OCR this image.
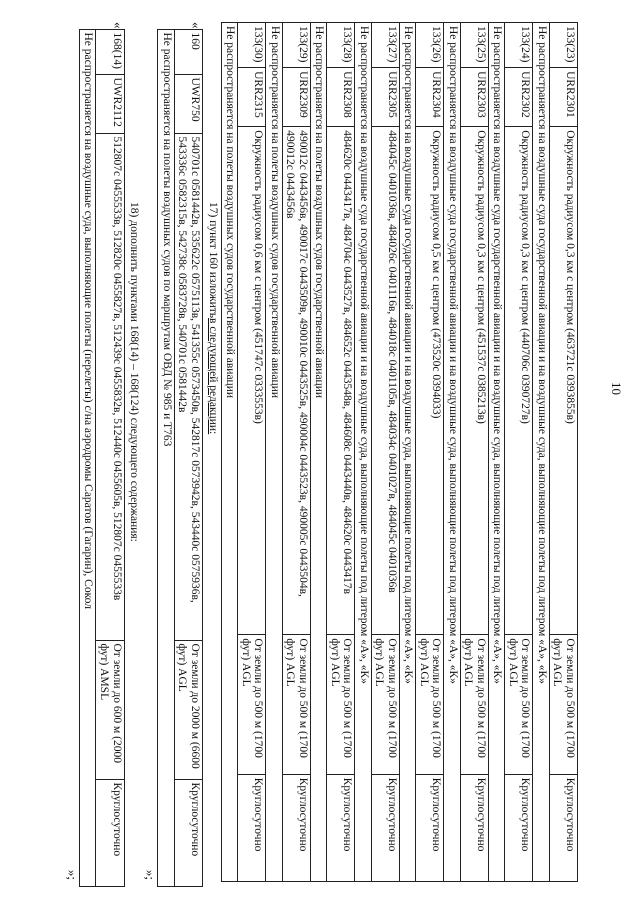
10
133(23)	URR2301	Окружность радиусом 0,3 км с центром (463721с 0393855в)	От земли до 500 м (1700 фут) AGL	Круглосуточно
Не распространяется на воздушные суда государственной авиации и на воздушные суда, выполняющие полеты под литером «А», «К»				
133(24)	URR2302	Окружность радиусом 0,3 км с центром (440706с 0390727в)	От земли до 500 м (1700 фут) AGL	Круглосуточно
Не распространяется на воздушные суда государственной авиации и на воздушные суда, выполняющие полеты под литером «А», «К»				
133(25)	URR2303	Окружность радиусом 0,3 км с центром (451537с 0385213в)	От земли до 500 м (1700 фут) AGL	Круглосуточно
Не распространяется на воздушные суда государственной авиации и на воздушные суда, выполняющие полеты под литером «А», «К»				
133(26)	URR2304	Окружность радиусом 0,5 км с центром (473520с 0394033)	От земли до 500 м (1700 фут) AGL	Круглосуточно
Не распространяется на воздушные суда государственной авиации и на воздушные суда, выполняющие полеты под литером «А», «К»				
133(27)	URR2305	484045с 0401036в, 484026с 0401116в, 484018с 0401105в, 484034с 0401027в, 484045с 0401036в	От земли до 500 м (1700 фут) AGL	Круглосуточно
Не распространяется на воздушные суда государственной авиации и на воздушные суда, выполняющие полеты под литером «А», «К»				
133(28)	URR2308	484620с 0443417в, 484704с 0443527в, 484652с 0443548в, 484608с 0443440в, 484620с 0443417в	От земли до 500 м (1700 фут) AGL	Круглосуточно
Не распространяется на полеты воздушных судов государственной авиации				
133(29)	URR2309	490012с 0443456в, 490017с 0443509в, 490010с 0443525в, 490004с 0443523в, 490005с 0443504в, 490012с 0443456в	От земли до 500 м (1700 фут) AGL	Круглосуточно
Не распространяется на полеты воздушных судов государственной авиации				
133(30)	URR2315	Окружность радиусом 0,6 км с центром (451747с 0333553в)	От земли до 500 м (1700 фут) AGL	Круглосуточно
Не распространяется на полеты воздушных судов государственной авиации				
17)

пункт 160 изложить
в следующей редакции:
«
160	UWR750	540701с 0581442в, 535622с 0575113в, 541355с 0573450в, 542817с 0573942в, 543440с 0575936в, 543336с 0582315в, 542738с 0583728в, 540701с 0581442в	От земли до 2000 м (6600 фут) AGL	Круглосуточно
Не распространяется на полеты воздушных судов по маршрутам ОВД № 985 и Т763
»;
18)

дополнить пунктами 168(14) – 168(124) следующего содержания:
«
168(14)	UWR2112	512807с 0455533в, 512820с 0455827в, 512439с 0455832в, 512440с 0455605в, 512807с 0455533в	От земли до 600 м (2000 фут) AMSL	Круглосуточно
Не распространяется на воздушные суда, выполняющие полеты (перелеты) с/на аэродромы Саратов (Гагарин), Сокол
»;
